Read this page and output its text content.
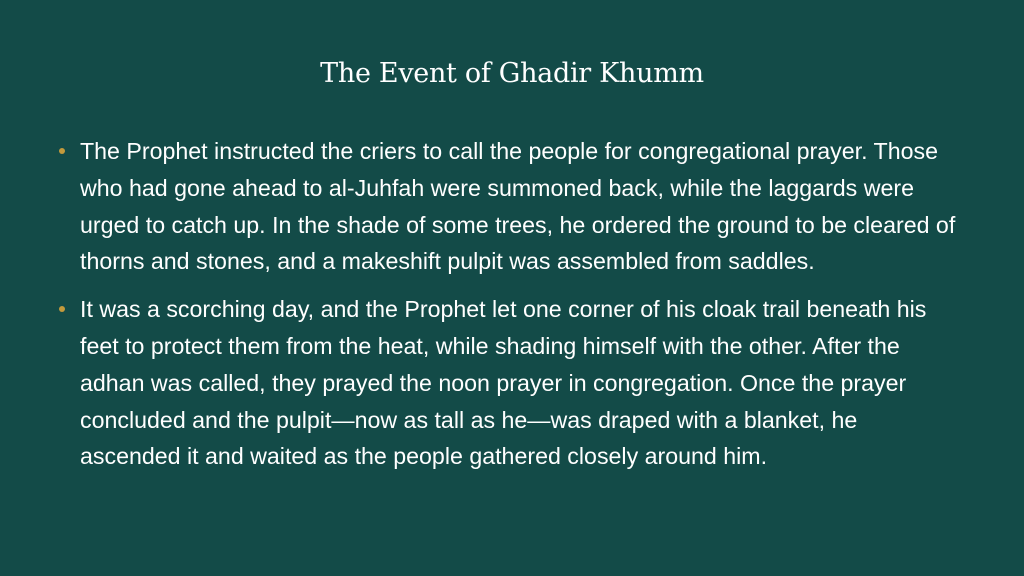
The Event of Ghadir Khumm
The Prophet instructed the criers to call the people for congregational prayer. Those who had gone ahead to al-Juhfah were summoned back, while the laggards were urged to catch up. In the shade of some trees, he ordered the ground to be cleared of thorns and stones, and a makeshift pulpit was assembled from saddles.
It was a scorching day, and the Prophet let one corner of his cloak trail beneath his feet to protect them from the heat, while shading himself with the other. After the adhan was called, they prayed the noon prayer in congregation. Once the prayer concluded and the pulpit—now as tall as he—was draped with a blanket, he ascended it and waited as the people gathered closely around him.
